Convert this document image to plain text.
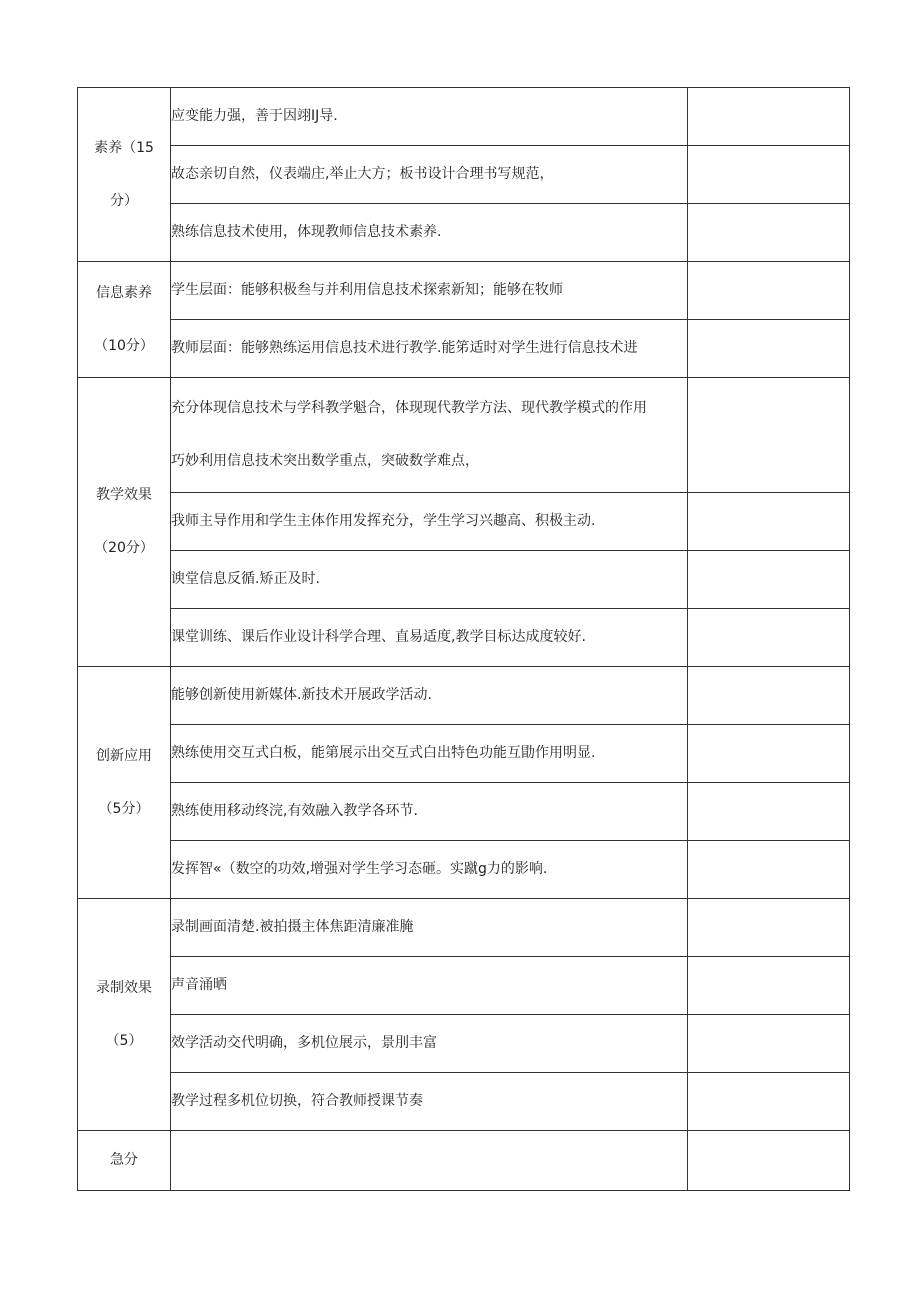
素养（15
分）	应变能力强，善于因翊IJ导.	
	故态亲切自然，仪表端庄,举止大方；板书设计合理书写规范，	
	熟练信息技术使用，体现教师信息技术素养.	

信息素养
（10分）	学生层面：能够积极叁与并利用信息技术探索新知；能够在牧师	
	教师层面：能够熟练运用信息技术进行教学.能笫适时对学生进行信息技术进	

教学效果
（20分）	充分体现信息技术与学科教学魁合，体现现代教学方法、现代教学模式的作用
巧妙利用信息技术突出数学重点，突破数学难点，	

	我师主导作用和学生主体作用发挥充分，学生学习兴趣高、积极主动.	
	谀堂信息反循.矫正及时.	
	课堂训练、课后作业设计科学合理、直易适度,教学目标达成度较好.	

创新应用
（5分）	能够创新使用新媒体.新技术开展政学活动.	
	熟练使用交互式白板，能第展示出交互式白出特色功能互勖作用明显.	
	熟练使用移动终浣,有效融入教学各环节.	
	发挥智«（数空的功效,增强对学生学习态砸。实蹴g力的影响.	

录制效果
（5）	录制画面清楚.被拍摄主体焦距清廉准腌	
	声音涌晒	
	效学活动交代明确，多机位展示，景刖丰富	
	教学过程多机位切换，符合教师授课节奏	
急分		
